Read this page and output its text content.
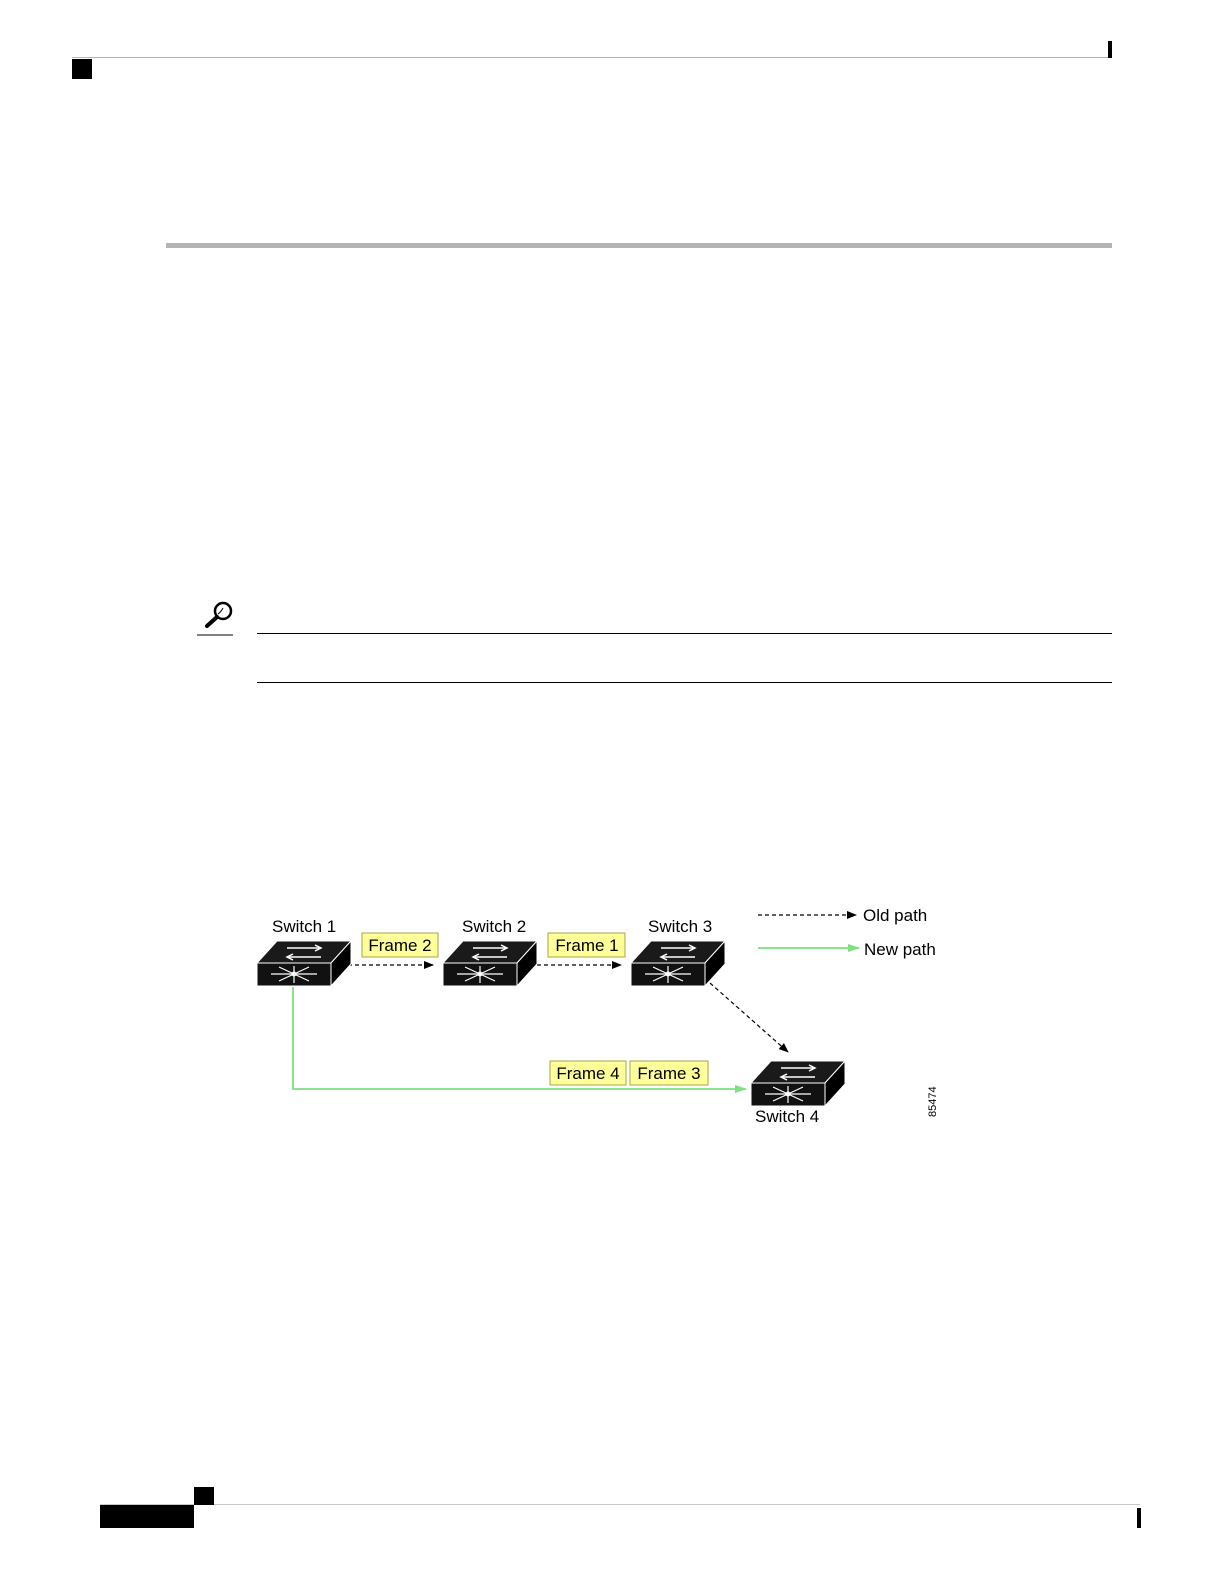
Old path
New path
Switch 1	Switch 2	Switch 3
Switch 4
Frame 2	Frame 1
Frame 4 Frame 3
85474
